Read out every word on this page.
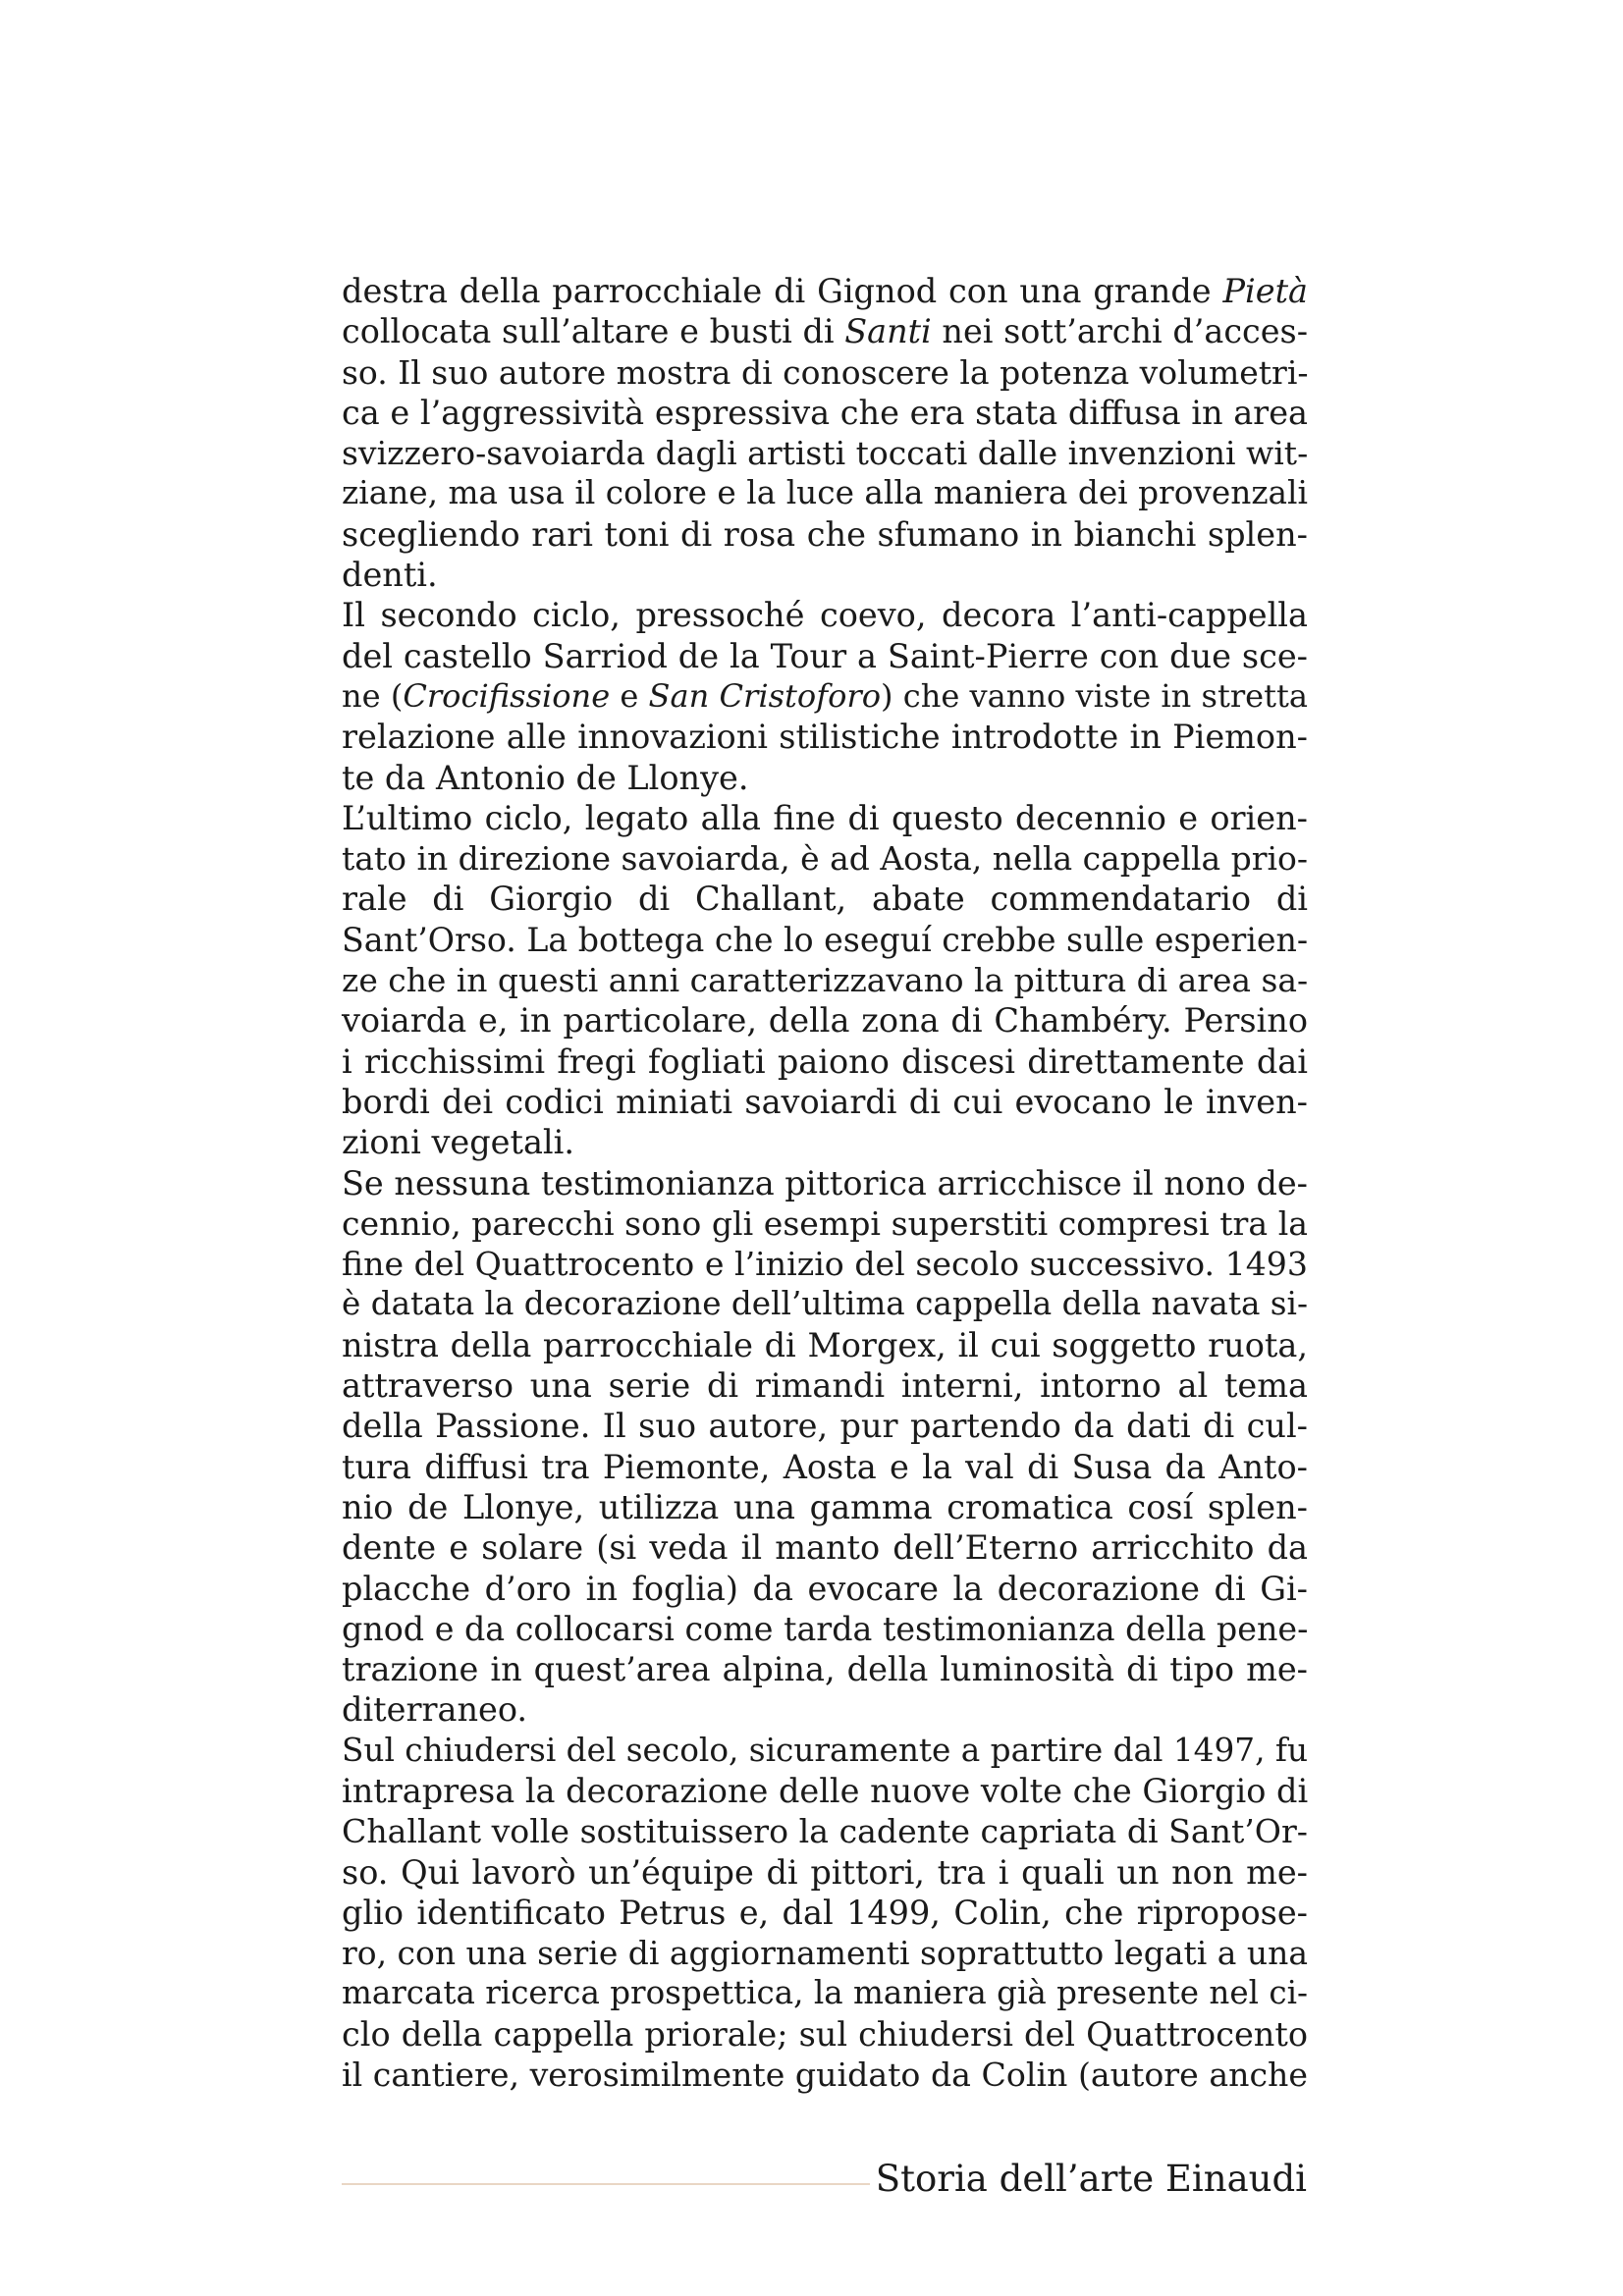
destra della parrocchiale di Gignod con una grande Pietà
collocata sull’altare e busti di Santi nei sott’archi d’acces-
so. Il suo autore mostra di conoscere la potenza volumetri-
ca e l’aggressività espressiva che era stata diffusa in area
svizzero-savoiarda dagli artisti toccati dalle invenzioni wit-
ziane, ma usa il colore e la luce alla maniera dei provenzali
scegliendo rari toni di rosa che sfumano in bianchi splen-
denti.
Il secondo ciclo, pressoché coevo, decora l’anti-cappella
del castello Sarriod de la Tour a Saint-Pierre con due sce-
ne (Crocifissione e San Cristoforo) che vanno viste in stretta
relazione alle innovazioni stilistiche introdotte in Piemon-
te da Antonio de Llonye.
L’ultimo ciclo, legato alla fine di questo decennio e orien-
tato in direzione savoiarda, è ad Aosta, nella cappella prio-
rale di Giorgio di Challant, abate commendatario di
Sant’Orso. La bottega che lo eseguí crebbe sulle esperien-
ze che in questi anni caratterizzavano la pittura di area sa-
voiarda e, in particolare, della zona di Chambéry. Persino
i ricchissimi fregi fogliati paiono discesi direttamente dai
bordi dei codici miniati savoiardi di cui evocano le inven-
zioni vegetali.
Se nessuna testimonianza pittorica arricchisce il nono de-
cennio, parecchi sono gli esempi superstiti compresi tra la
fine del Quattrocento e l’inizio del secolo successivo. 1493
è datata la decorazione dell’ultima cappella della navata si-
nistra della parrocchiale di Morgex, il cui soggetto ruota,
attraverso una serie di rimandi interni, intorno al tema
della Passione. Il suo autore, pur partendo da dati di cul-
tura diffusi tra Piemonte, Aosta e la val di Susa da Anto-
nio de Llonye, utilizza una gamma cromatica cosí splen-
dente e solare (si veda il manto dell’Eterno arricchito da
placche d’oro in foglia) da evocare la decorazione di Gi-
gnod e da collocarsi come tarda testimonianza della pene-
trazione in quest’area alpina, della luminosità di tipo me-
diterraneo.
Sul chiudersi del secolo, sicuramente a partire dal 1497, fu
intrapresa la decorazione delle nuove volte che Giorgio di
Challant volle sostituissero la cadente capriata di Sant’Or-
so. Qui lavorò un’équipe di pittori, tra i quali un non me-
glio identificato Petrus e, dal 1499, Colin, che ripropose-
ro, con una serie di aggiornamenti soprattutto legati a una
marcata ricerca prospettica, la maniera già presente nel ci-
clo della cappella priorale; sul chiudersi del Quattrocento
il cantiere, verosimilmente guidato da Colin (autore anche
Storia dell’arte Einaudi
